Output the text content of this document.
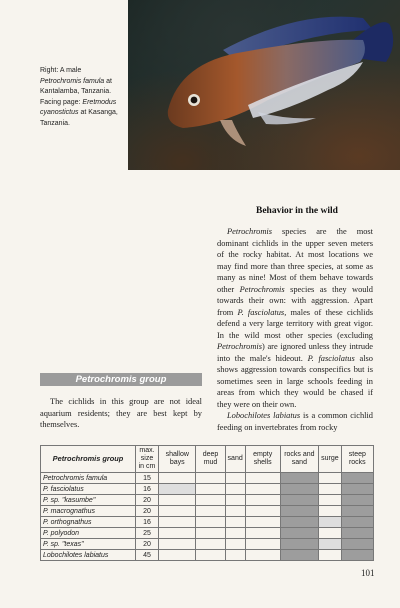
Right: A male Petrochromis famula at Kantalamba, Tanzania. Facing page: Eretmodus cyanostictus at Kasanga, Tanzania.
Behavior in the wild

Petrochromis species are the most dominant cichlids in the upper seven meters of the rocky habitat. At most locations we may find more than three species, at some as many as nine! Most of them behave towards other Petrochromis species as they would towards their own: with aggression. Apart from P. fasciolatus, males of these cichlids defend a very large territory with great vigor. In the wild most other species (excluding Petrochromis) are ignored unless they intrude into the male's hideout. P. fasciolatus also shows aggression towards conspecifics but is sometimes seen in large schools feeding in areas from which they would be chased if they were on their own.

Lobochilotes labiatus is a common cichlid feeding on invertebrates from rocky

Petrochromis group

The cichlids in this group are not ideal aquarium residents; they are best kept by themselves.

Petrochromis group	max. size in cm	shallow bays	deep mud	sand	empty shells	rocks and sand	surge	steep rocks
Petrochromis famula	15							
P. fasciolatus	16							
P. sp. "kasumbe"	20							
P. macrognathus	20							
P. orthognathus	16							
P. polyodon	25							
P. sp. "texas"	20							
Lobochilotes labiatus	45							
101
